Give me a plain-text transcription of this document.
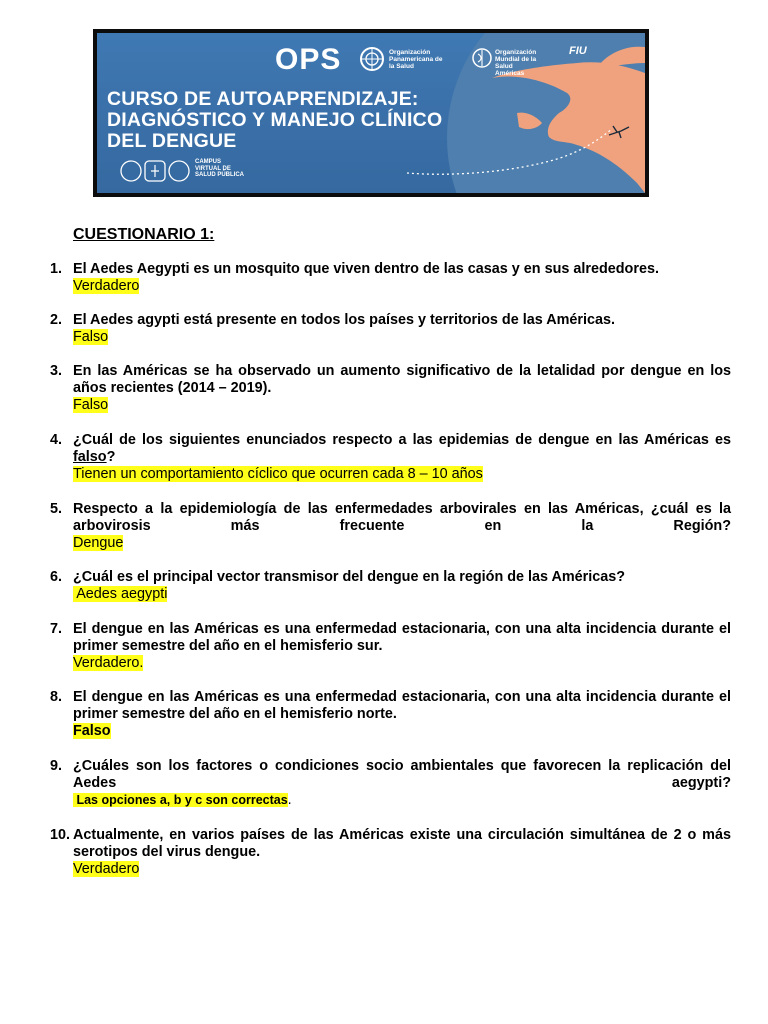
OPS	Organización Panamericana de la Salud
Organización Mundial de la Salud
Américas
FIU
CURSO DE AUTOAPRENDIZAJE:
DIAGNÓSTICO Y MANEJO CLÍNICO
DEL DENGUE
CAMPUS VIRTUAL DE SALUD PÚBLICA
CUESTIONARIO 1:
1. El Aedes Aegypti es un mosquito que viven dentro de las casas y en sus alrededores.
Verdadero
2. El Aedes agypti está presente en todos los países y territorios de las Américas.
Falso
3. En las Américas se ha observado un aumento significativo de la letalidad por dengue en los años recientes (2014 – 2019).
Falso
4. ¿Cuál de los siguientes enunciados respecto a las epidemias de dengue en las Américas es falso?
Tienen un comportamiento cíclico que ocurren cada 8 – 10 años
5. Respecto a la epidemiología de las enfermedades arbovirales en las Américas, ¿cuál es la arbovirosis más frecuente en la Región?
Dengue
6. ¿Cuál es el principal vector transmisor del dengue en la región de las Américas?
Aedes aegypti
7. El dengue en las Américas es una enfermedad estacionaria, con una alta incidencia durante el primer semestre del año en el hemisferio sur.
Verdadero.
8. El dengue en las Américas es una enfermedad estacionaria, con una alta incidencia durante el primer semestre del año en el hemisferio norte.
Falso
9. ¿Cuáles son los factores o condiciones socio ambientales que favorecen la replicación del Aedes aegypti?
Las opciones a, b y c son correctas.
10. Actualmente, en varios países de las Américas existe una circulación simultánea de 2 o más serotipos del virus dengue.
Verdadero
